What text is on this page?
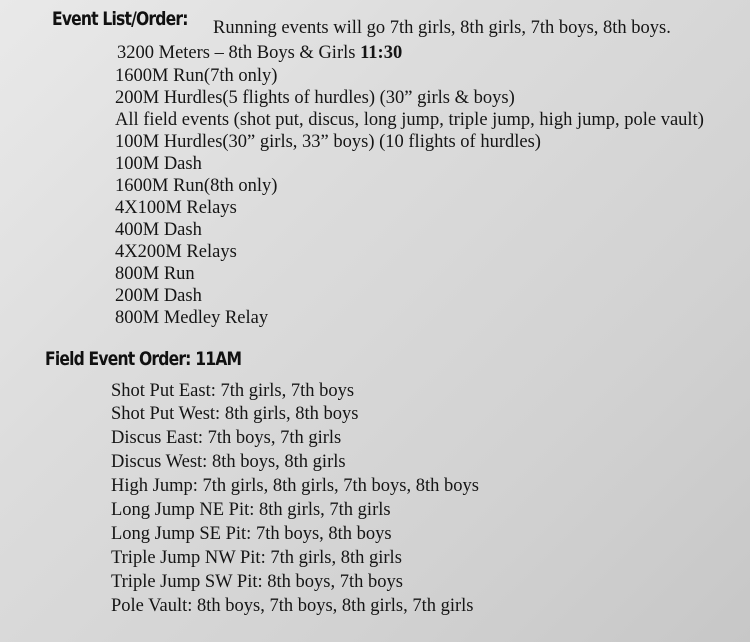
Event List/Order: Running events will go 7th girls, 8th girls, 7th boys, 8th boys.
3200 Meters – 8th Boys & Girls 11:30
1600M Run(7th only)
200M Hurdles(5 flights of hurdles) (30” girls & boys)
All field events (shot put, discus, long jump, triple jump, high jump, pole vault)
100M Hurdles(30” girls, 33” boys) (10 flights of hurdles)
100M Dash
1600M Run(8th only)
4X100M Relays
400M Dash
4X200M Relays
800M Run
200M Dash
800M Medley Relay
Field Event Order: 11AM
Shot Put East: 7th girls, 7th boys
Shot Put West: 8th girls, 8th boys
Discus East: 7th boys, 7th girls
Discus West: 8th boys, 8th girls
High Jump: 7th girls, 8th girls, 7th boys, 8th boys
Long Jump NE Pit: 8th girls, 7th girls
Long Jump SE Pit: 7th boys, 8th boys
Triple Jump NW Pit: 7th girls, 8th girls
Triple Jump SW Pit: 8th boys, 7th boys
Pole Vault: 8th boys, 7th boys, 8th girls, 7th girls
